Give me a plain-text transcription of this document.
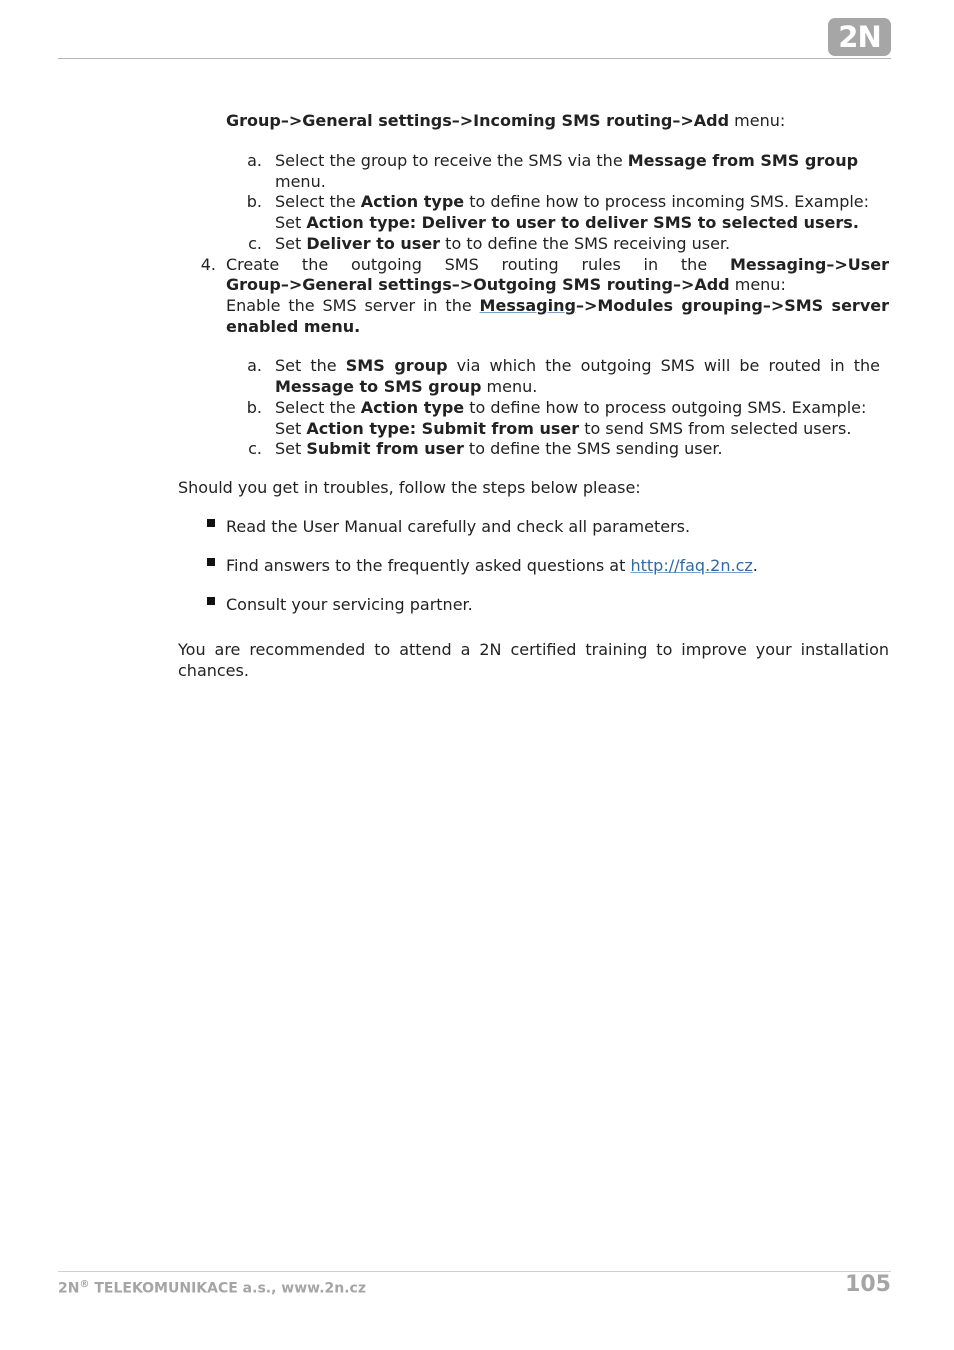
2N
Group–>General settings–>Incoming SMS routing–>Add menu:
a. Select the group to receive the SMS via the Message from SMS group
menu.
b. Select the Action type to define how to process incoming SMS. Example:
Set Action type: Deliver to user to deliver SMS to selected users.
c. Set Deliver to user to to define the SMS receiving user.
4. Create the outgoing SMS routing rules in the Messaging–>User
Group–>General settings–>Outgoing SMS routing–>Add menu:
Enable the SMS server in the Messaging–>Modules grouping–>SMS server
enabled menu.
a. Set the SMS group via which the outgoing SMS will be routed in the
Message to SMS group menu.
b. Select the Action type to define how to process outgoing SMS. Example:
Set Action type: Submit from user to send SMS from selected users.
c. Set Submit from user to define the SMS sending user.
Should you get in troubles, follow the steps below please:
Read the User Manual carefully and check all parameters.
Find answers to the frequently asked questions at http://faq.2n.cz.
Consult your servicing partner.
You are recommended to attend a 2N certified training to improve your installation
chances.
2N® TELEKOMUNIKACE a.s., www.2n.cz	105
